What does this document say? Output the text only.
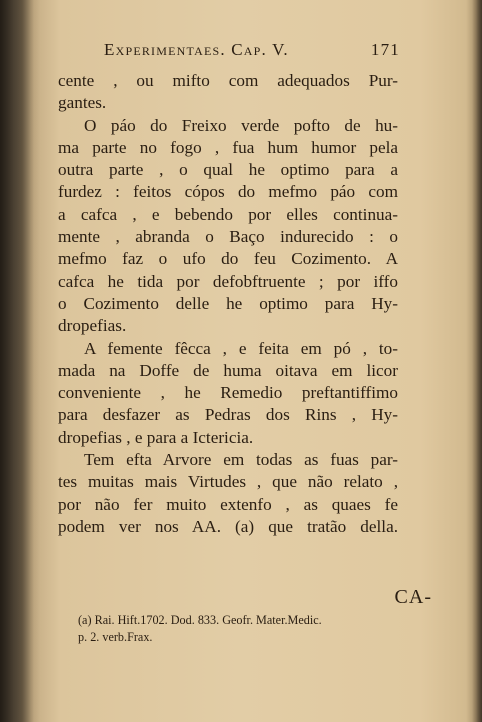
Experimentaes. Cap. V.	171
cente , ou mifto com adequados Pur-
gantes.
O páo do Freixo verde pofto de hu-
ma parte no fogo , fua hum humor pela
outra parte , o qual he optimo para a
furdez : feitos cópos do mefmo páo com
a cafca , e bebendo por elles continua-
mente , abranda o Baço indurecido : o
mefmo faz o ufo do feu Cozimento. A
cafca he tida por defobftruente ; por iffo
o Cozimento delle he optimo para Hy-
dropefias.
A femente fêcca , e feita em pó , to-
mada na Doffe de huma oitava em licor
conveniente , he Remedio preftantiffimo
para desfazer as Pedras dos Rins , Hy-
dropefias , e para a Ictericia.
Tem efta Arvore em todas as fuas par-
tes muitas mais Virtudes , que não relato ,
por não fer muito extenfo , as quaes fe
podem ver nos AA. (a) que tratão della.
CA-
(a) Rai. Hift.1702. Dod. 833. Geofr. Mater.Medic.
p. 2. verb.Frax.
